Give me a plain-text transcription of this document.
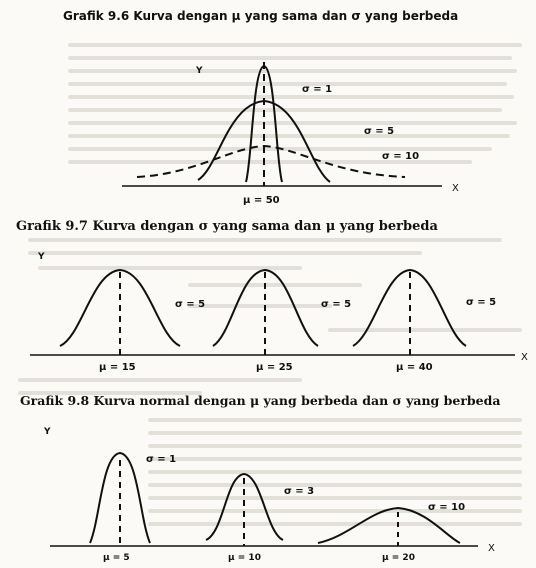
Grafik 9.6 Kurva dengan μ yang sama dan σ yang berbeda
Grafik 9.7 Kurva dengan σ yang sama dan μ yang berbeda
Grafik 9.8 Kurva normal dengan μ yang berbeda dan σ yang berbeda
Y
X
σ = 1
σ = 5
σ = 10
μ = 50
Y
X
σ = 5
μ = 15
σ = 5
μ = 25
σ = 5
μ = 40
Y
X
σ = 1
μ = 5
σ = 3
μ = 10
σ = 10
μ = 20
